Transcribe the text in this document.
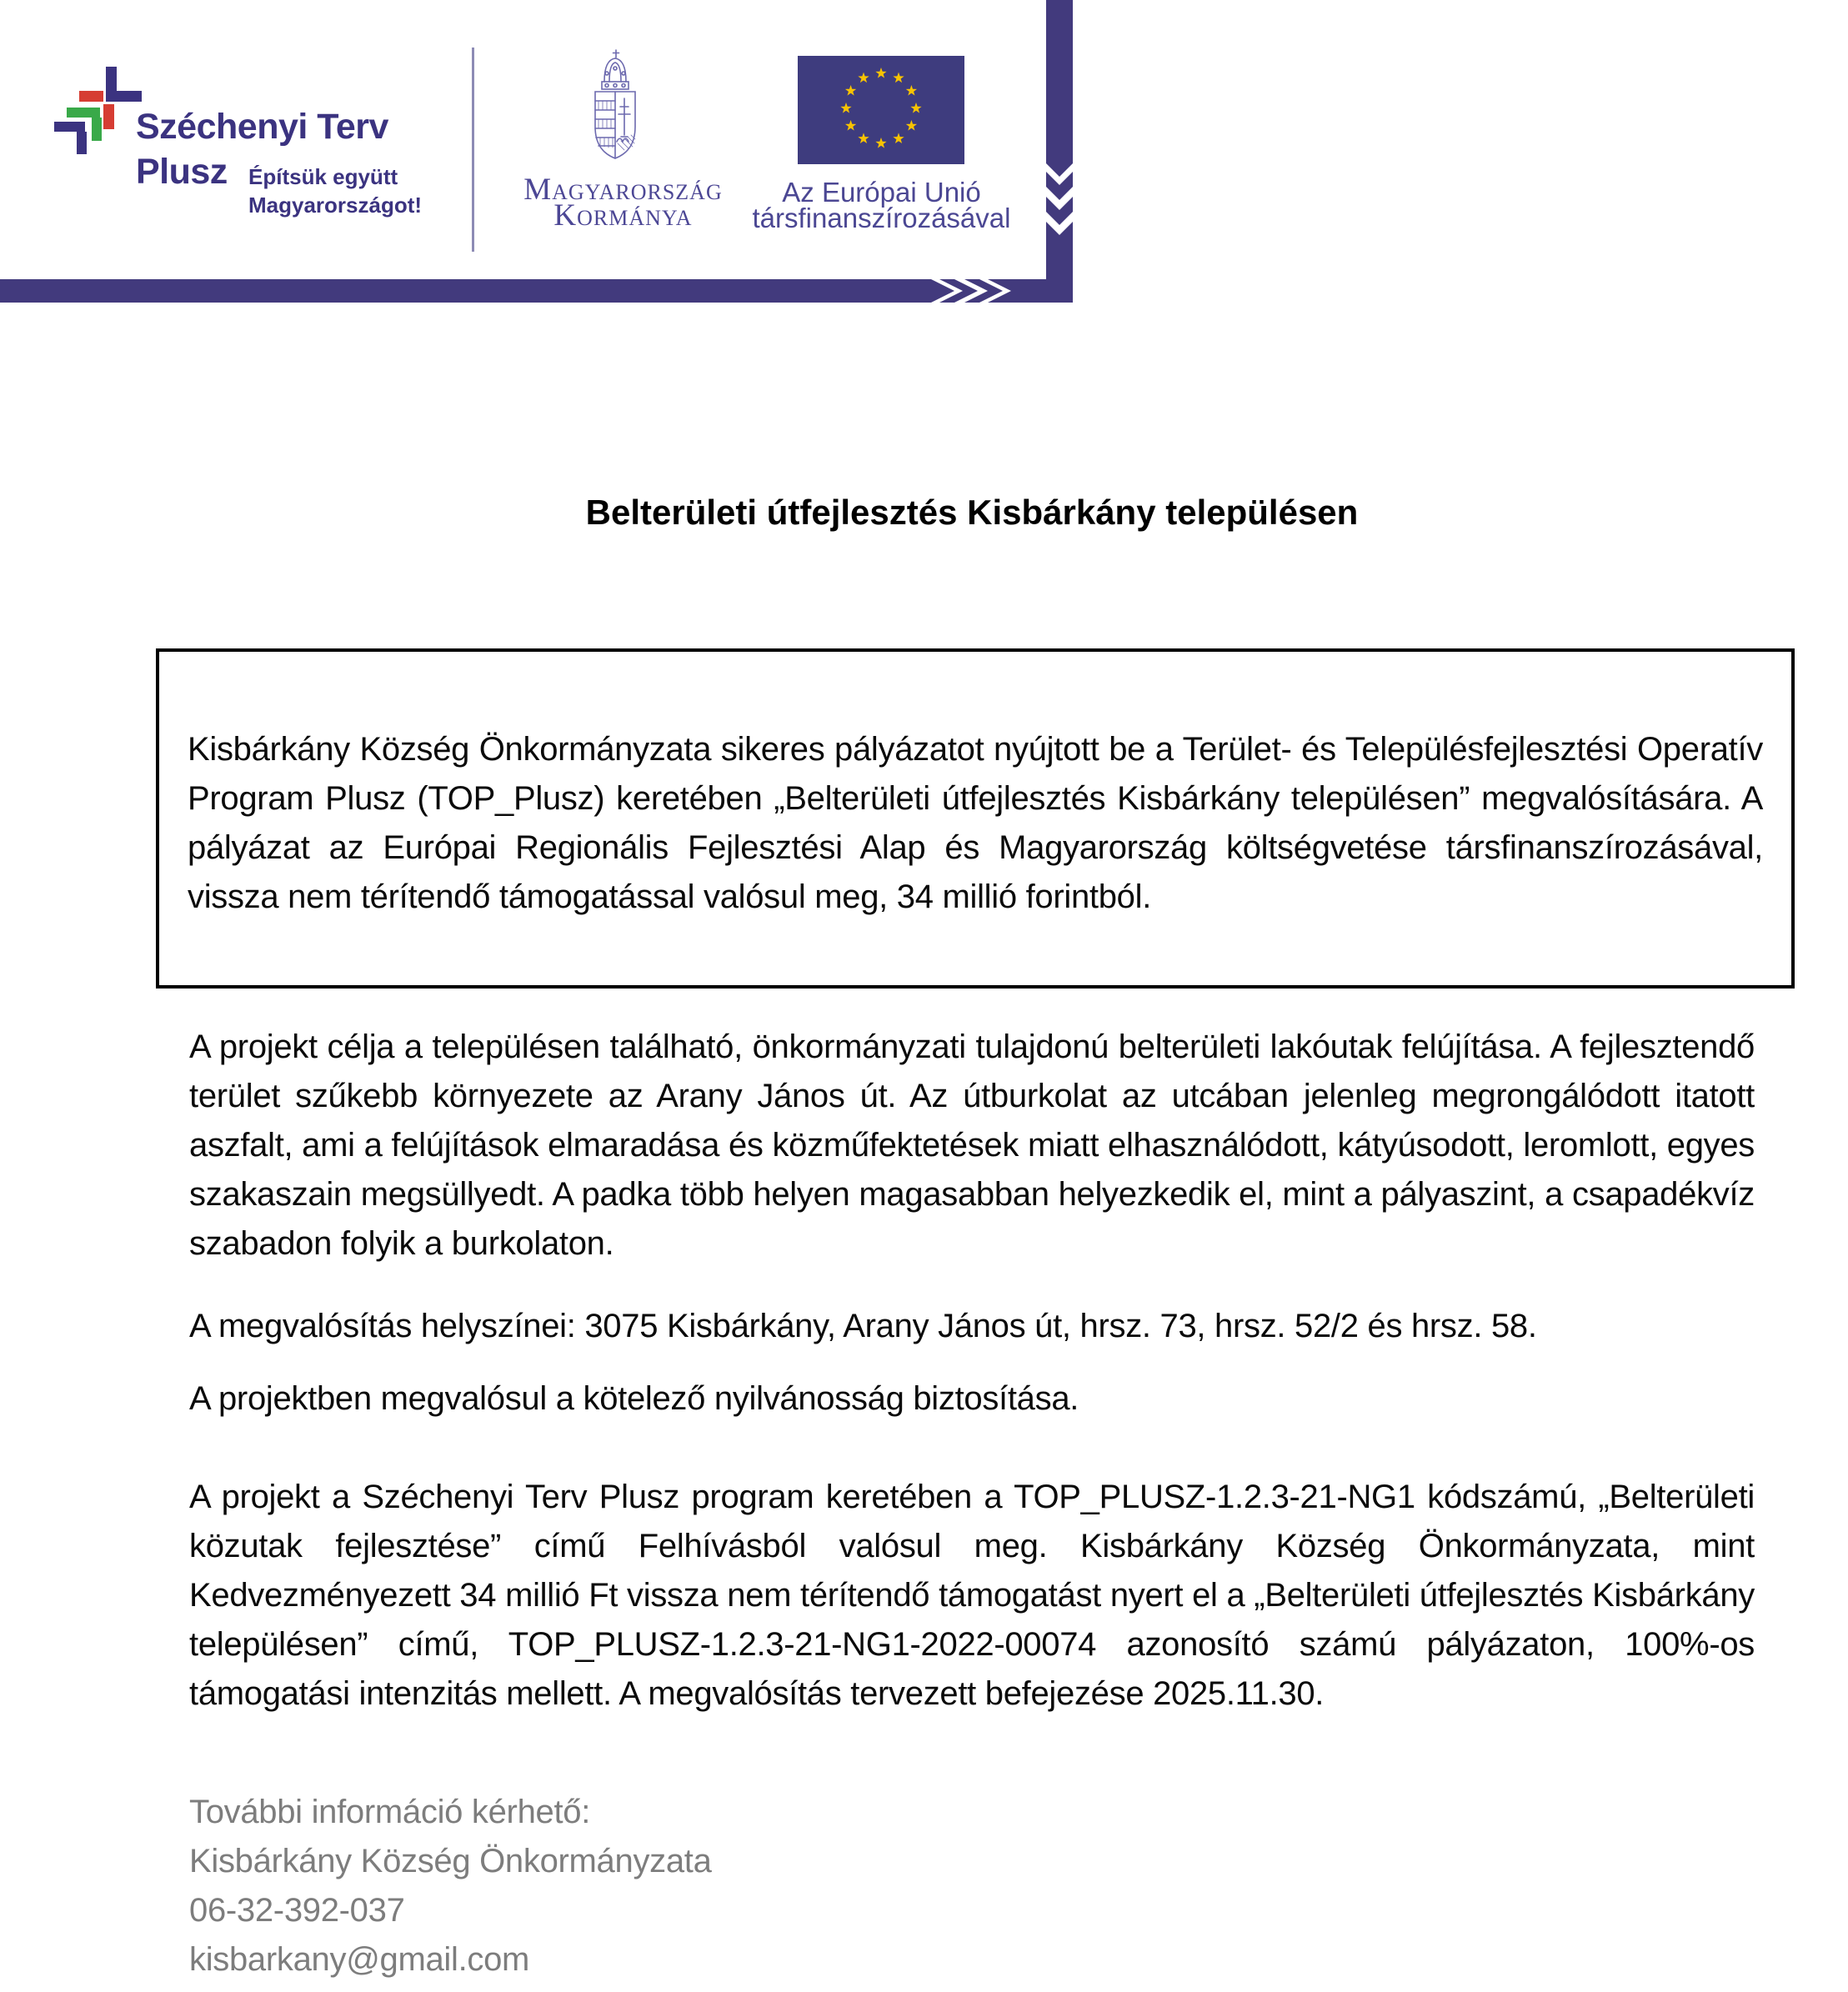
Széchenyi Terv
Plusz Építsük együtt
Magyarországot!	Magyarország
Kormánya
Az Európai Unió
társfinanszírozásával
Belterületi útfejlesztés Kisbárkány településen

Kisbárkány Község Önkormányzata sikeres pályázatot nyújtott be a Terület- és Településfejlesztési Operatív Program Plusz (TOP_Plusz) keretében „Belterületi útfejlesztés Kisbárkány településen” megvalósítására. A pályázat az Európai Regionális Fejlesztési Alap és Magyarország költségvetése társfinanszírozásával, vissza nem térítendő támogatással valósul meg, 34 millió forintból.

A projekt célja a településen található, önkormányzati tulajdonú belterületi lakóutak felújítása. A fejlesztendő terület szűkebb környezete az Arany János út. Az útburkolat az utcában jelenleg megrongálódott itatott aszfalt, ami a felújítások elmaradása és közműfektetések miatt elhasználódott, kátyúsodott, leromlott, egyes szakaszain megsüllyedt. A padka több helyen magasabban helyezkedik el, mint a pályaszint, a csapadékvíz szabadon folyik a burkolaton.

A megvalósítás helyszínei: 3075 Kisbárkány, Arany János út, hrsz. 73, hrsz. 52/2 és hrsz. 58.

A projektben megvalósul a kötelező nyilvánosság biztosítása.

A projekt a Széchenyi Terv Plusz program keretében a TOP_PLUSZ-1.2.3-21-NG1 kódszámú, „Belterületi közutak fejlesztése” című Felhívásból valósul meg. Kisbárkány Község Önkormányzata, mint Kedvezményezett 34 millió Ft vissza nem térítendő támogatást nyert el a „Belterületi útfejlesztés Kisbárkány településen” című, TOP_PLUSZ-1.2.3-21-NG1-2022-00074 azonosító számú pályázaton, 100%-os támogatási intenzitás mellett. A megvalósítás tervezett befejezése 2025.11.30.

További információ kérhető:
Kisbárkány Község Önkormányzata
06-32-392-037
kisbarkany@gmail.com
